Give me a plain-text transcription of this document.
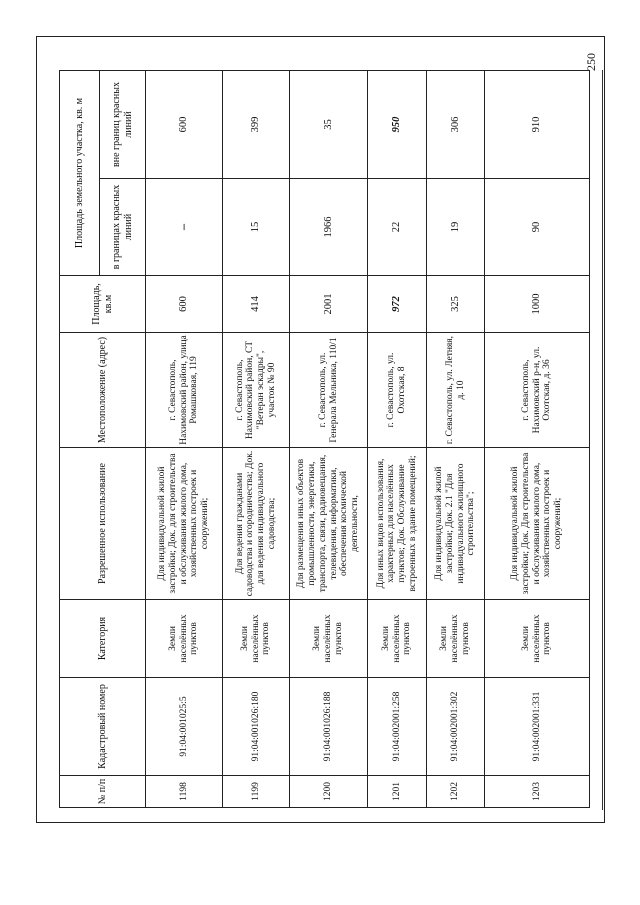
250
№ п/п	Кадастровый номер	Категория	Разрешенное использование	Местоположение (адрес)	Площадь, кв.м	Площадь земельного участка, кв. м	
						в границах красных линий	вне границ красных линий
1198	91:04:001025:5	Земли населённых пунктов	Для индивидуальной жилой застройки; Док. для строительства и обслуживания жилого дома, хозяйственных построек и сооружений;	г. Севастополь, Нахимовский район, улица Ромашковая, 119	600	–	600
1199	91:04:001026:180	Земли населённых пунктов	Для ведения гражданами садоводства и огородничества; Док. для ведения индивидуального садоводства;	г. Севастополь, Нахимовский район, СТ "Ветеран эскадры", участок № 90	414	15	399
1200	91:04:001026:188	Земли населённых пунктов	Для размещения иных объектов промышленности, энергетики, транспорта, связи, радиовещания, телевидения, информатики, обеспечения космической деятельности,	г. Севастополь, ул. Генерала Мельника, 110/1	2001	1966	35
1201	91:04:002001:258	Земли населённых пунктов	Для иных видов использования, характерных для населённых пунктов; Док. Обслуживание встроенных в здание помещений;	г. Севастополь, ул. Охотская, 8	972	22	950
1202	91:04:002001:302	Земли населённых пунктов	Для индивидуальной жилой застройки; Док. 2.1 "Для индивидуального жилищного строительства";	г. Севастополь, ул. Летняя, д. 10	325	19	306
1203	91:04:002001:331	Земли населённых пунктов	Для индивидуальной жилой застройки; Док. Для строительства и обслуживания жилого дома, хозяйственных построек и сооружений;	г. Севастополь, Нахимовский р-н, ул. Охотская, д. 36	1000	90	910
